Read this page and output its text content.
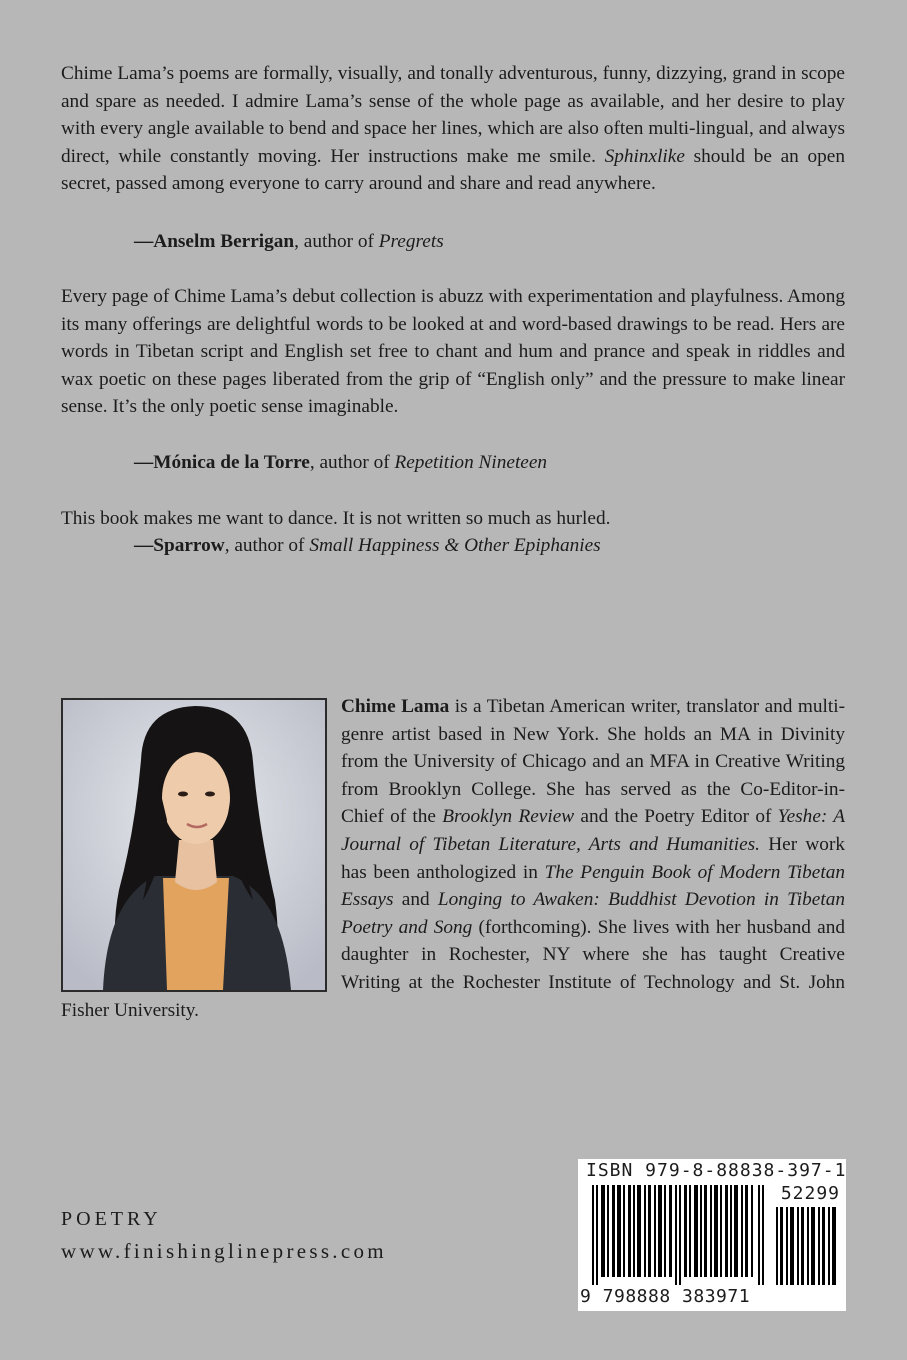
Chime Lama’s poems are formally, visually, and tonally adventurous, funny, dizzying, grand in scope and spare as needed. I admire Lama’s sense of the whole page as available, and her desire to play with every angle available to bend and space her lines, which are also often multi-lingual, and always direct, while constantly moving. Her instructions make me smile. Sphinxlike should be an open secret, passed among everyone to carry around and share and read anywhere.

—Anselm Berrigan, author of Pregrets

Every page of Chime Lama’s debut collection is abuzz with experimentation and playfulness. Among its many offerings are delightful words to be looked at and word-based drawings to be read. Hers are words in Tibetan script and English set free to chant and hum and prance and speak in riddles and wax poetic on these pages liberated from the grip of “English only” and the pressure to make linear sense. It’s the only poetic sense imaginable.

—Mónica de la Torre, author of Repetition Nineteen

This book makes me want to dance. It is not written so much as hurled.

—Sparrow, author of Small Happiness & Other Epiphanies

Chime Lama is a Tibetan American writer, translator and multi-genre artist based in New York. She holds an MA in Divinity from the University of Chicago and an MFA in Creative Writing from Brooklyn College. She has served as the Co-Editor-in-Chief of the Brooklyn Review and the Poetry Editor of Yeshe: A Journal of Tibetan Literature, Arts and Humanities. Her work has been anthologized in The Penguin Book of Modern Tibetan Essays and Longing to Awaken: Buddhist Devotion in Tibetan Poetry and Song (forthcoming). She lives with her husband and daughter in Rochester, NY where she has taught Creative Writing at the Rochester Institute of Technology and St. John Fisher University.

POETRY

www.finishinglinepress.com

ISBN 979-8-88838-397-1

52299

9 798888 383971
